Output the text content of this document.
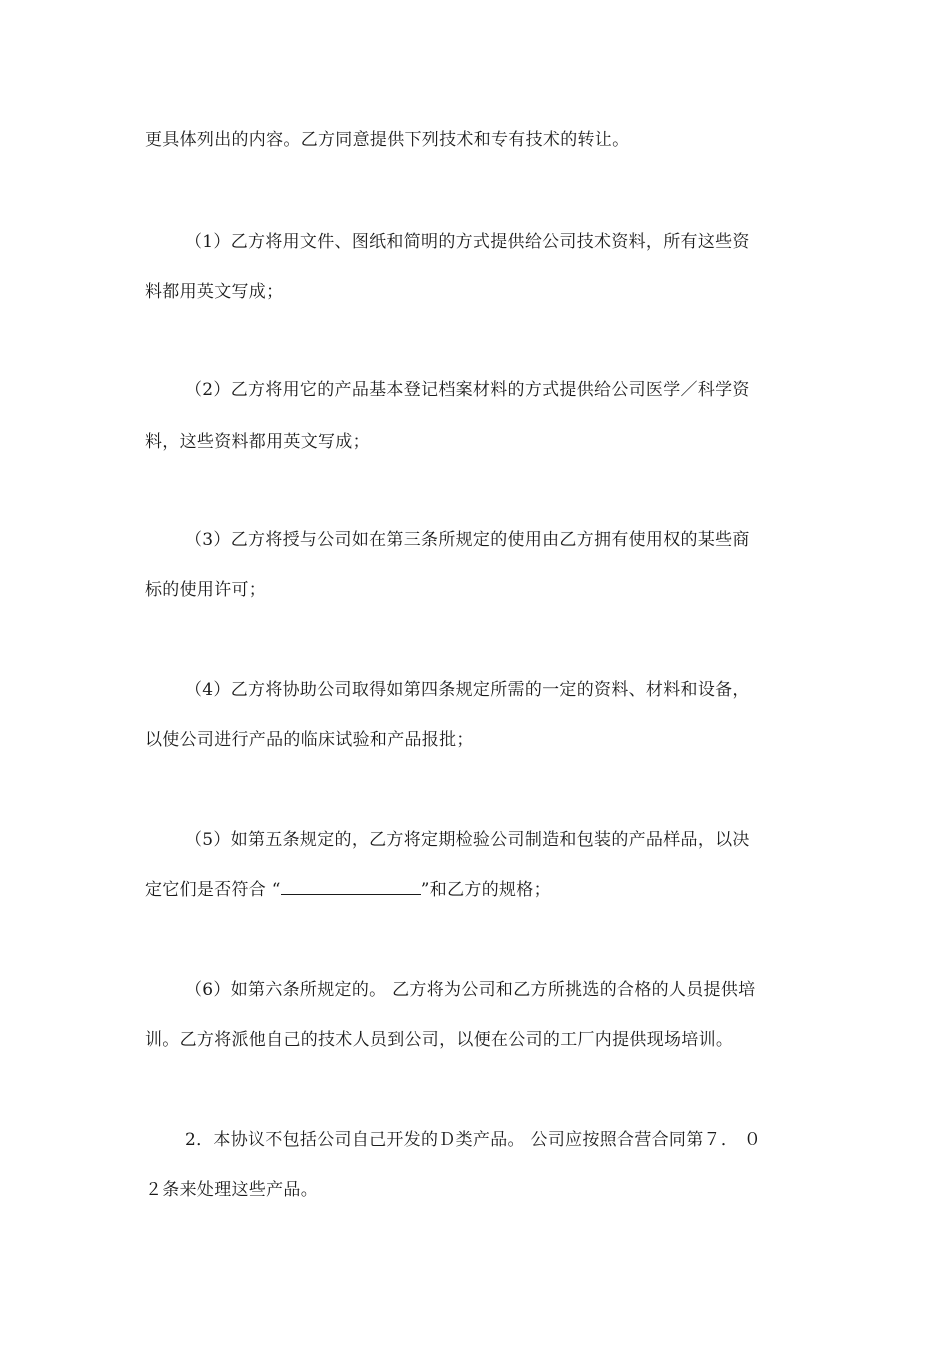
更具体列出的内容。乙方同意提供下列技术和专有技术的转让。
（1）乙方将用文件、图纸和简明的方式提供给公司技术资料，所有这些资
料都用英文写成；
（2）乙方将用它的产品基本登记档案材料的方式提供给公司医学／科学资
料，这些资料都用英文写成；
（3）乙方将授与公司如在第三条所规定的使用由乙方拥有使用权的某些商
标的使用许可；
（4）乙方将协助公司取得如第四条规定所需的一定的资料、材料和设备，
以使公司进行产品的临床试验和产品报批；
（5）如第五条规定的，乙方将定期检验公司制造和包装的产品样品，以决
定它们是否符合 “	”和乙方的规格；
（6）如第六条所规定的。 乙方将为公司和乙方所挑选的合格的人员提供培
训。乙方将派他自己的技术人员到公司，以便在公司的工厂内提供现场培训。
2．本协议不包括公司自己开发的Ｄ类产品。 公司应按照合营合同第７． ０
２条来处理这些产品。
